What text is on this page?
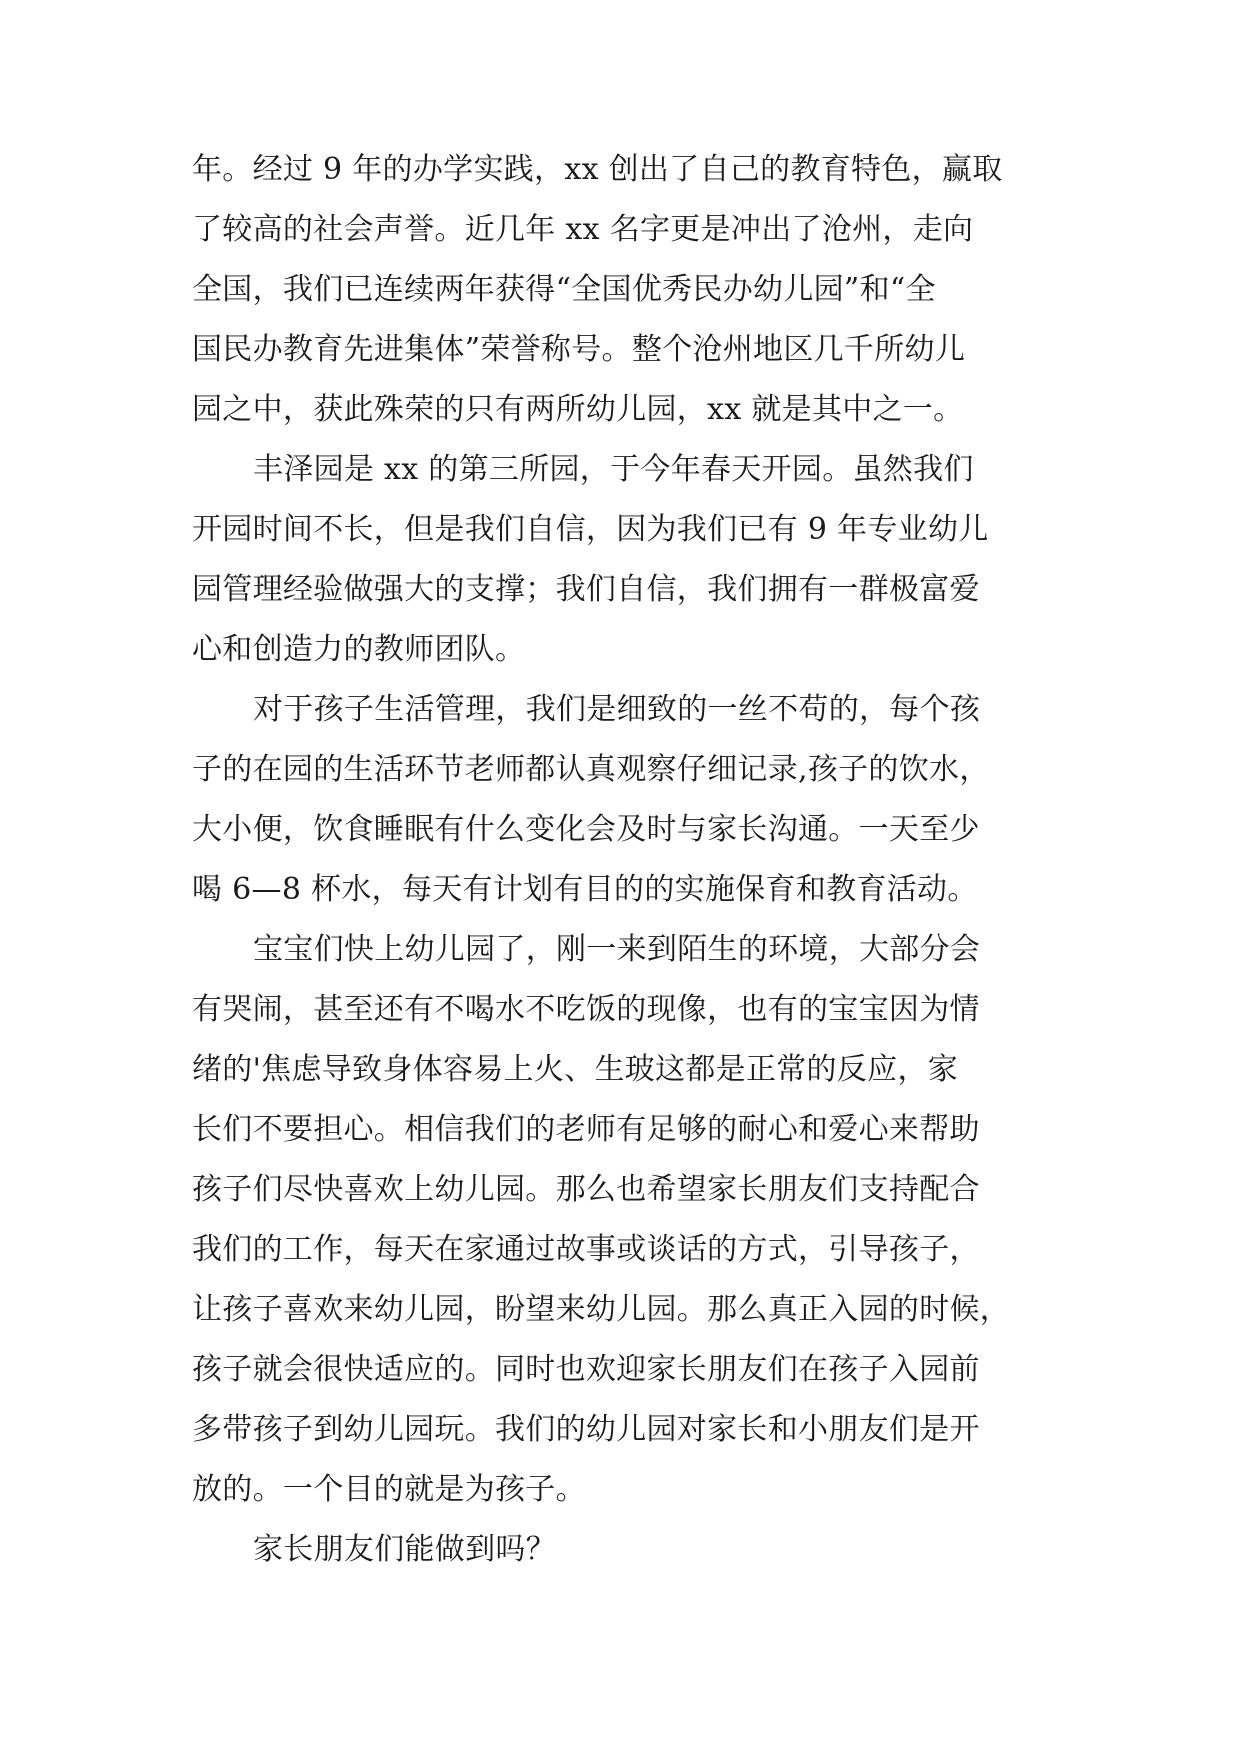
年。经过 9 年的办学实践，xx 创出了自己的教育特色，赢取
了较高的社会声誉。近几年 xx 名字更是冲出了沧州，走向
全国，我们已连续两年获得“全国优秀民办幼儿园”和“全
国民办教育先进集体”荣誉称号。整个沧州地区几千所幼儿
园之中，获此殊荣的只有两所幼儿园，xx 就是其中之一。
丰泽园是 xx 的第三所园，于今年春天开园。虽然我们
开园时间不长，但是我们自信，因为我们已有 9 年专业幼儿
园管理经验做强大的支撑；我们自信，我们拥有一群极富爱
心和创造力的教师团队。
对于孩子生活管理，我们是细致的一丝不苟的，每个孩
子的在园的生活环节老师都认真观察仔细记录,孩子的饮水，
大小便，饮食睡眠有什么变化会及时与家长沟通。一天至少
喝 6—8 杯水，每天有计划有目的的实施保育和教育活动。
宝宝们快上幼儿园了，刚一来到陌生的环境，大部分会
有哭闹，甚至还有不喝水不吃饭的现像，也有的宝宝因为情
绪的'焦虑导致身体容易上火、生玻这都是正常的反应，家
长们不要担心。相信我们的老师有足够的耐心和爱心来帮助
孩子们尽快喜欢上幼儿园。那么也希望家长朋友们支持配合
我们的工作，每天在家通过故事或谈话的方式，引导孩子，
让孩子喜欢来幼儿园，盼望来幼儿园。那么真正入园的时候，
孩子就会很快适应的。同时也欢迎家长朋友们在孩子入园前
多带孩子到幼儿园玩。我们的幼儿园对家长和小朋友们是开
放的。一个目的就是为孩子。
家长朋友们能做到吗？
